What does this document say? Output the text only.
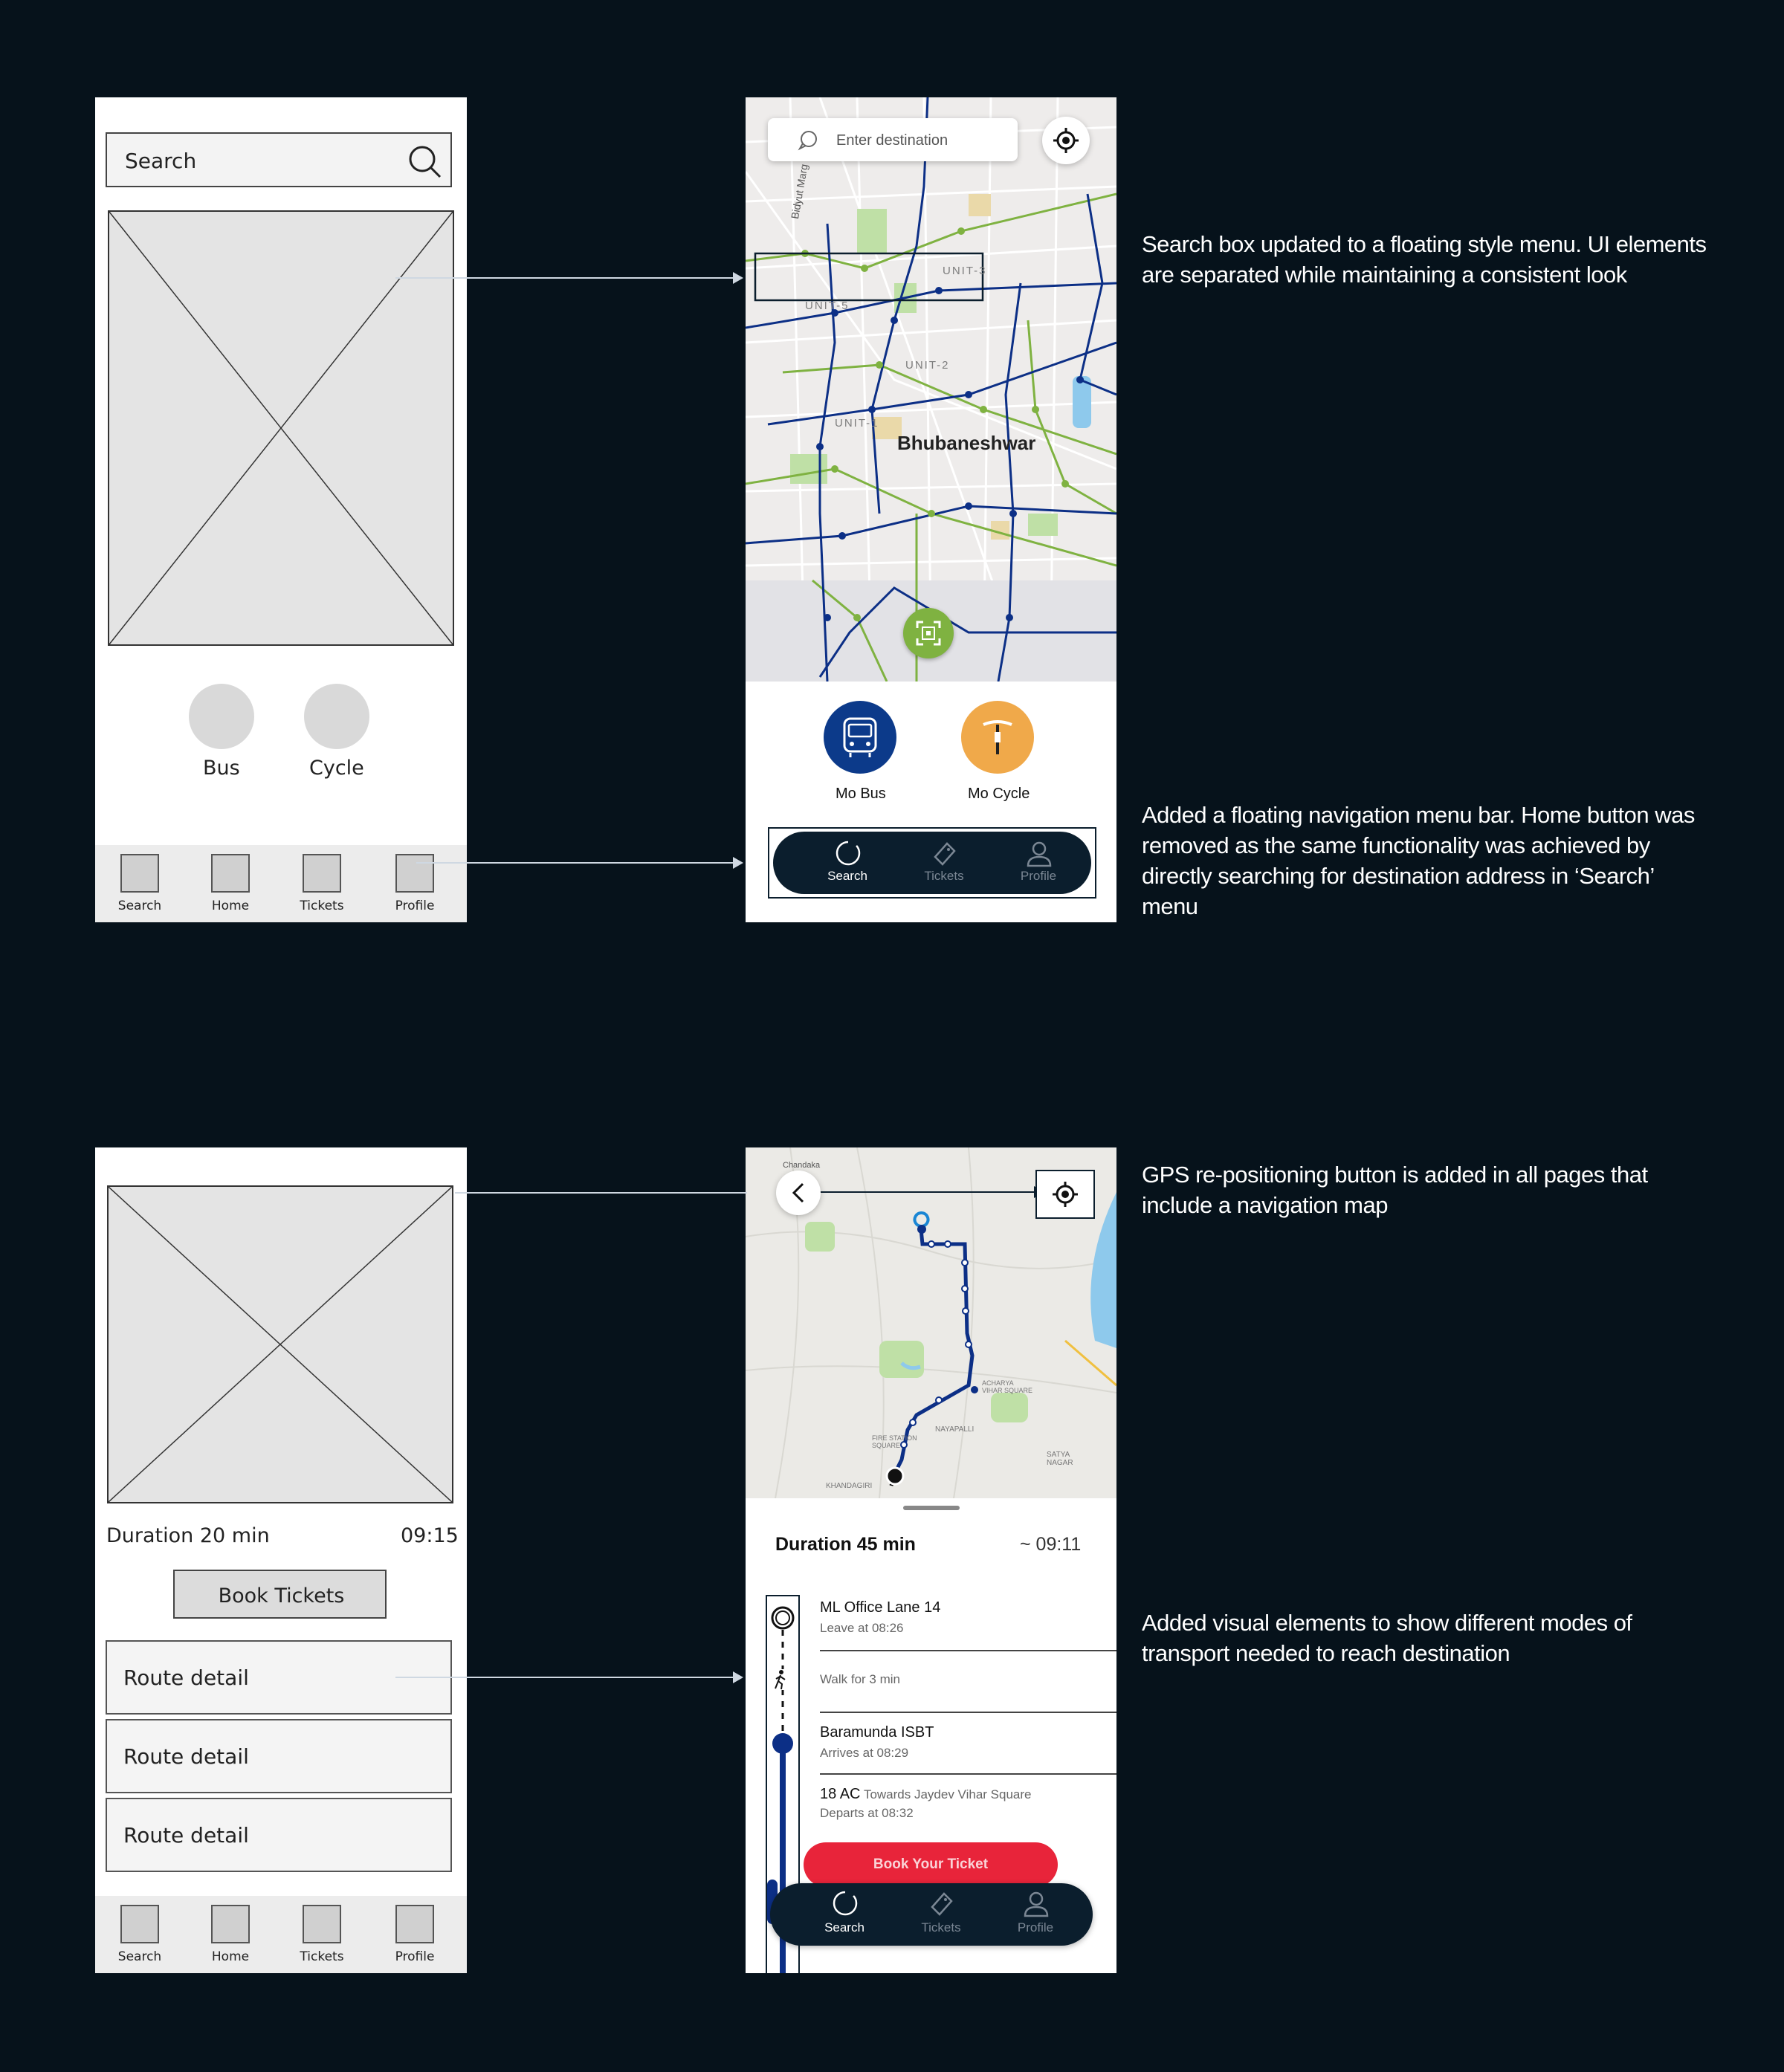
Search
Bus	Cycle
Search	Home	Tickets	Profile
UNIT-3
UNIT-5
UNIT-2
UNIT-1
Bidyut Marg
Bhubaneshwar
Enter destination
Mo Bus	Mo Cycle
Search	Tickets	Profile
Duration 20 min	09:15
Book Tickets
Route detail
Route detail
Route detail
Search	Home	Tickets	Profile
Chandaka
ACHARYA VIHAR SQUARE
NAYAPALLI
FIRE STATION SQUARE
SATYA NAGAR
KHANDAGIRI
Duration 45 min	~ 09:11
ML Office Lane 14
Leave at 08:26
Walk for 3 min
Baramunda ISBT
Arrives at 08:29
18 AC Towards Jaydev Vihar Square
Departs at 08:32
Book Your Ticket
Search	Tickets	Profile
Search box updated to a floating style menu. UI elements are separated while maintaining a consistent look
Added a floating navigation menu bar. Home button was removed as the same functionality was achieved by directly searching for destination address in ‘Search’ menu
GPS re-positioning button is added in all pages that include a navigation map
Added visual elements to show different modes of transport needed to reach destination
